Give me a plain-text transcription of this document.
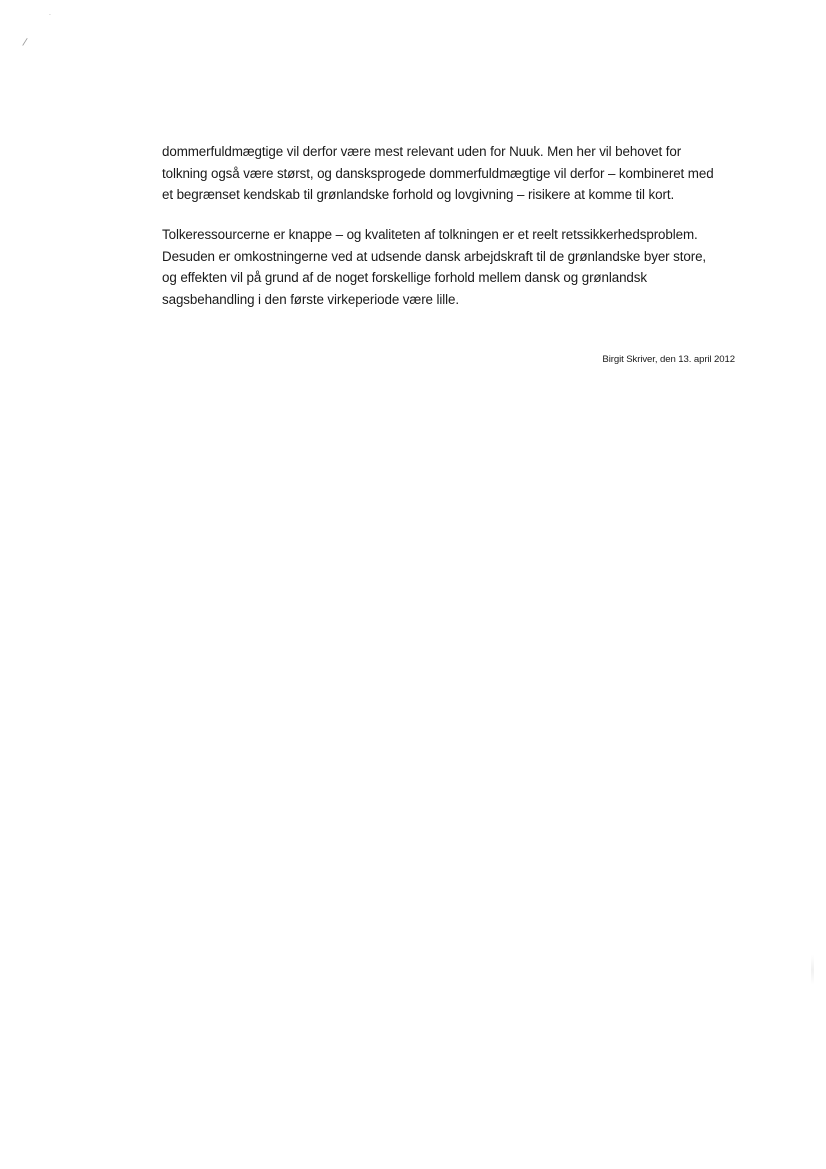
·
/

dommerfuldmægtige vil derfor være mest relevant uden for Nuuk. Men her vil behovet for
tolkning også være størst, og dansksprogede dommerfuldmægtige vil derfor – kombineret med
et begrænset kendskab til grønlandske forhold og lovgivning – risikere at komme til kort.

Tolkeressourcerne er knappe – og kvaliteten af tolkningen er et reelt retssikkerhedsproblem.
Desuden er omkostningerne ved at udsende dansk arbejdskraft til de grønlandske byer store,
og effekten vil på grund af de noget forskellige forhold mellem dansk og grønlandsk
sagsbehandling i den første virkeperiode være lille.

Birgit Skriver, den 13. april 2012
